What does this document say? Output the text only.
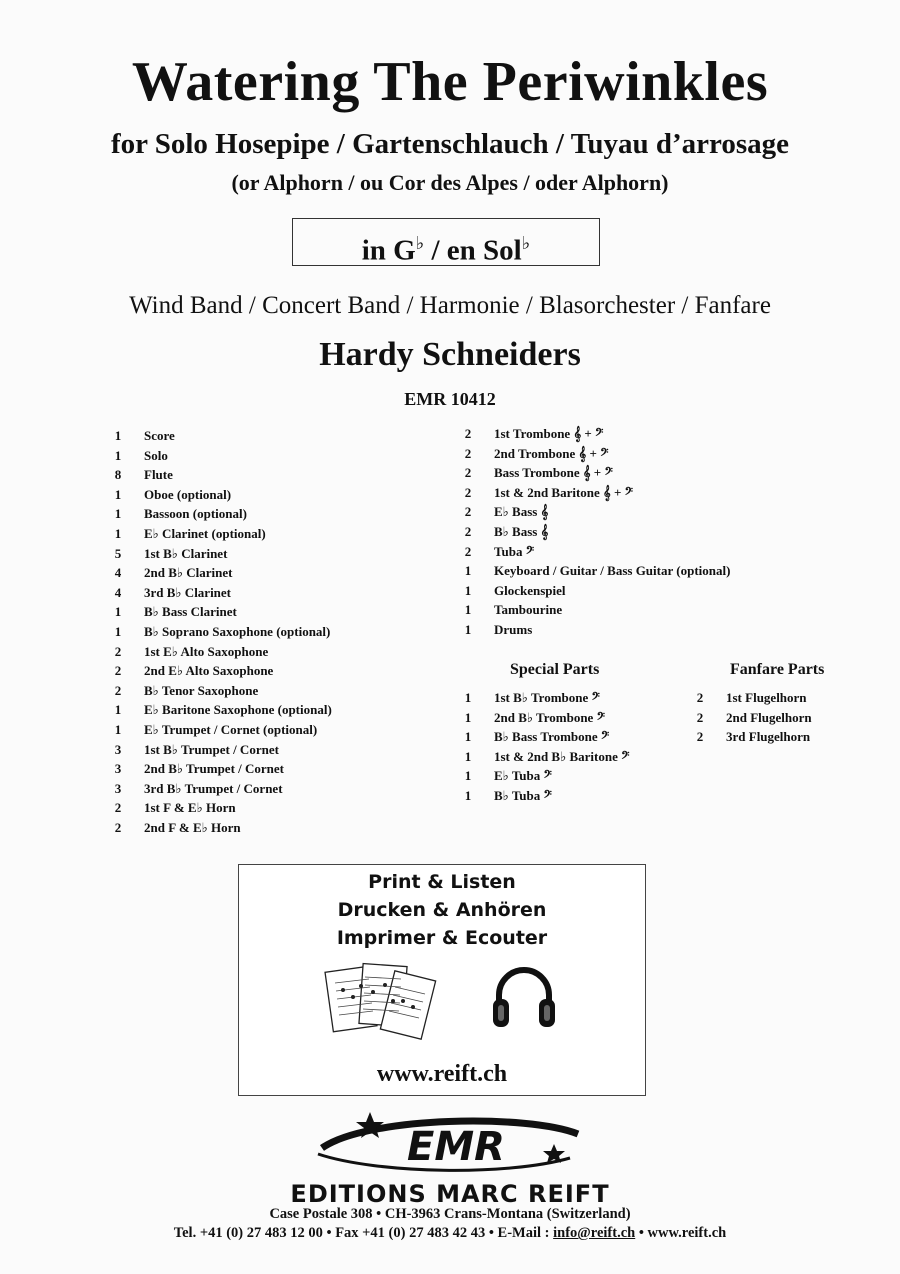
Watering The Periwinkles
for Solo Hosepipe / Gartenschlauch / Tuyau d’arrosage
(or Alphorn / ou Cor des Alpes / oder Alphorn)
in G♭ / en Sol♭
Wind Band / Concert Band / Harmonie / Blasorchester / Fanfare
Hardy Schneiders
EMR 10412
1	Score
1	Solo
8	Flute
1	Oboe (optional)
1	Bassoon (optional)
1	E♭ Clarinet (optional)
5	1st B♭ Clarinet
4	2nd B♭ Clarinet
4	3rd B♭ Clarinet
1	B♭ Bass Clarinet
1	B♭ Soprano Saxophone (optional)
2	1st E♭ Alto Saxophone
2	2nd E♭ Alto Saxophone
2	B♭ Tenor Saxophone
1	E♭ Baritone Saxophone (optional)
1	E♭ Trumpet / Cornet (optional)
3	1st B♭ Trumpet / Cornet
3	2nd B♭ Trumpet / Cornet
3	3rd B♭ Trumpet / Cornet
2	1st F & E♭ Horn
2	2nd F & E♭ Horn
2	1st Trombone 𝄞 + 𝄢
2	2nd Trombone 𝄞 + 𝄢
2	Bass Trombone 𝄞 + 𝄢
2	1st & 2nd Baritone 𝄞 + 𝄢
2	E♭ Bass 𝄞
2	B♭ Bass 𝄞
2	Tuba 𝄢
1	Keyboard / Guitar / Bass Guitar (optional)
1	Glockenspiel
1	Tambourine
1	Drums
Special Parts	Fanfare Parts
1	1st B♭ Trombone 𝄢
1	2nd B♭ Trombone 𝄢
1	B♭ Bass Trombone 𝄢
1	1st & 2nd B♭ Baritone 𝄢
1	E♭ Tuba 𝄢
1	B♭ Tuba 𝄢
2	1st Flugelhorn
2	2nd Flugelhorn
2	3rd Flugelhorn
Print & Listen
Drucken & Anhören
Imprimer & Ecouter
www.reift.ch
EMR
EDITIONS MARC REIFT
Case Postale 308 • CH-3963 Crans-Montana (Switzerland)
Tel. +41 (0) 27 483 12 00 • Fax +41 (0) 27 483 42 43 • E-Mail : info@reift.ch • www.reift.ch
